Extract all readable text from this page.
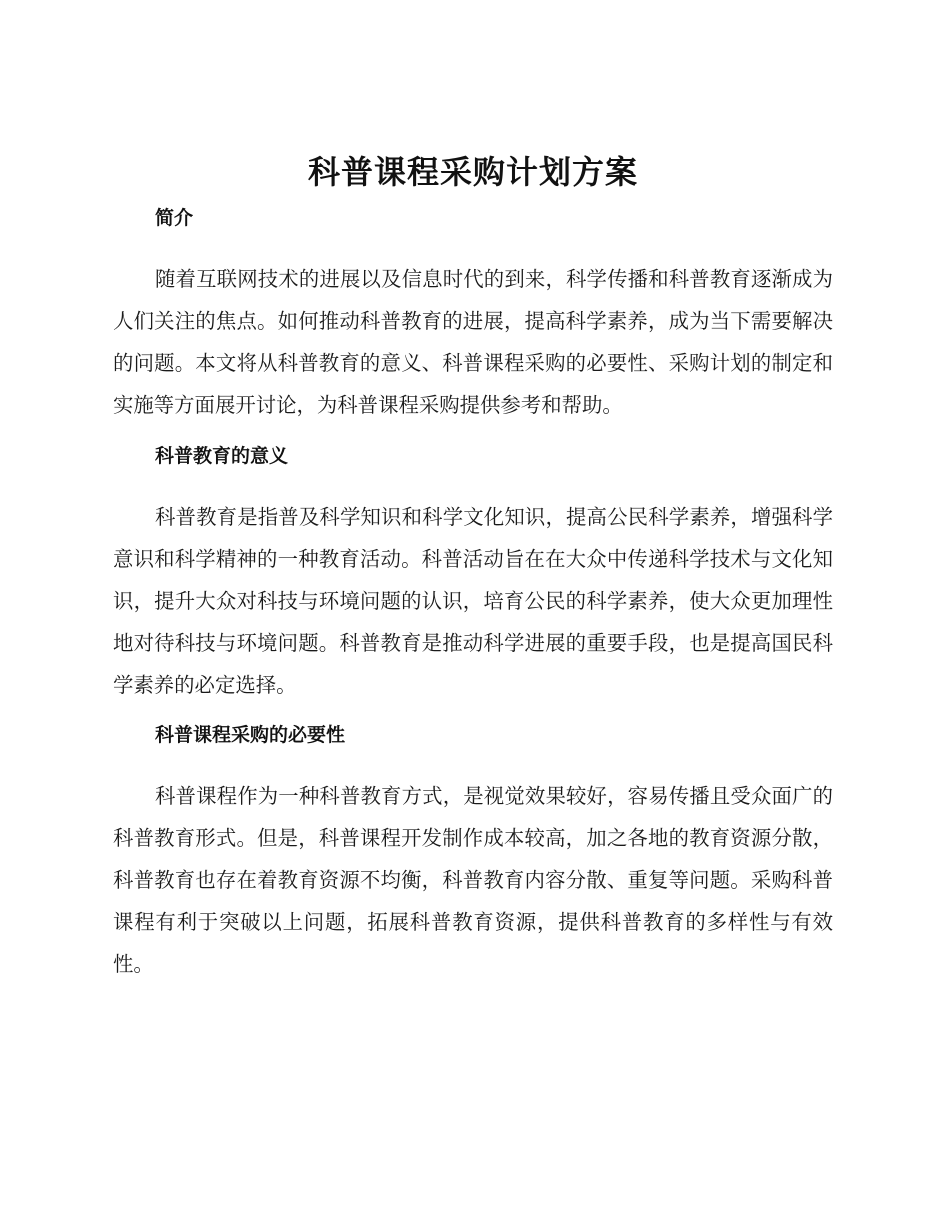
科普课程采购计划方案
简介

随着互联网技术的进展以及信息时代的到来，科学传播和科普教育逐渐成为人们关注的焦点。如何推动科普教育的进展，提高科学素养，成为当下需要解决的问题。本文将从科普教育的意义、科普课程采购的必要性、采购计划的制定和实施等方面展开讨论，为科普课程采购提供参考和帮助。

科普教育的意义

科普教育是指普及科学知识和科学文化知识，提高公民科学素养，增强科学意识和科学精神的一种教育活动。科普活动旨在在大众中传递科学技术与文化知识，提升大众对科技与环境问题的认识，培育公民的科学素养，使大众更加理性地对待科技与环境问题。科普教育是推动科学进展的重要手段，也是提高国民科学素养的必定选择。

科普课程采购的必要性

科普课程作为一种科普教育方式，是视觉效果较好，容易传播且受众面广的科普教育形式。但是，科普课程开发制作成本较高，加之各地的教育资源分散，科普教育也存在着教育资源不均衡，科普教育内容分散、重复等问题。采购科普课程有利于突破以上问题，拓展科普教育资源，提供科普教育的多样性与有效性。
